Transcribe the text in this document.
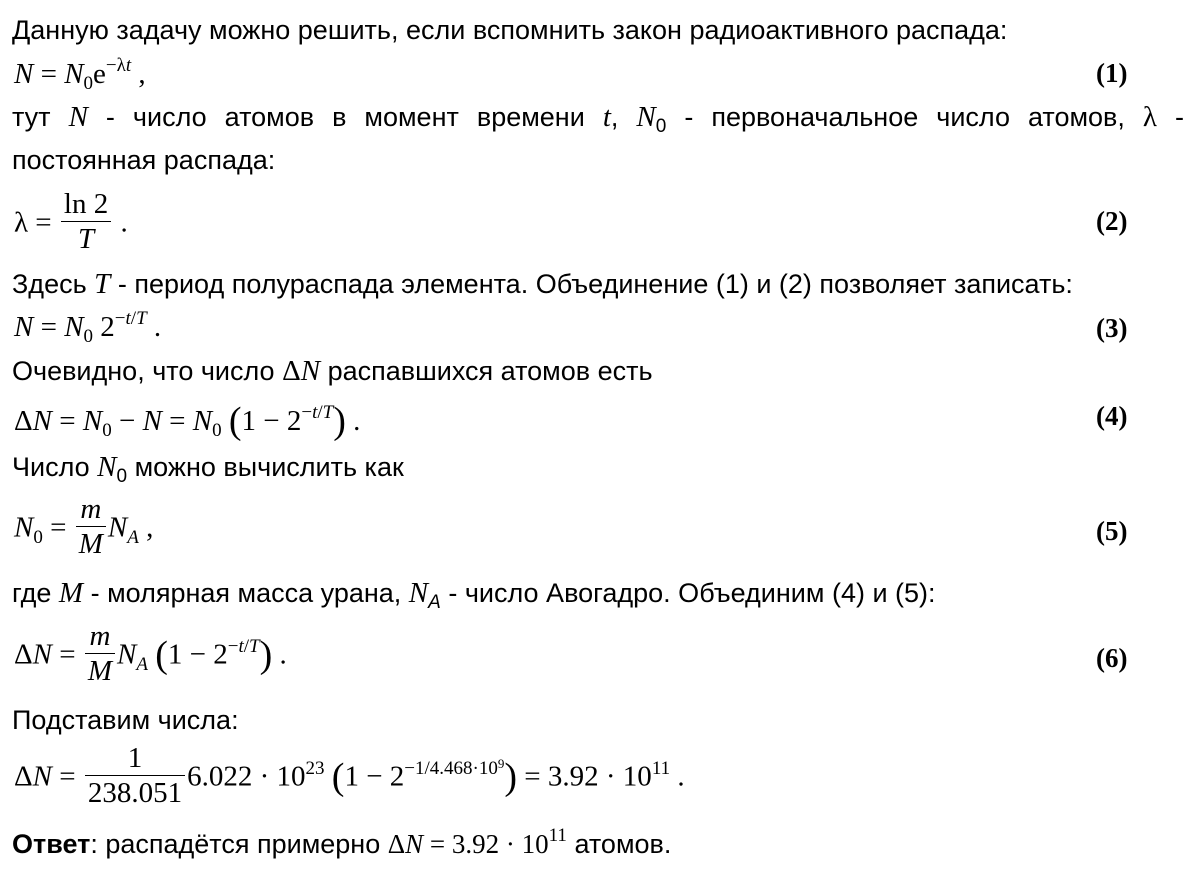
Данную задачу можно решить, если вспомнить закон радиоактивного распада:
$N = N_0e^{-\lambda t}$ ,	(1)
тут N - число атомов в момент времени t, $N_0$ - первоначальное число атомов, λ -
постоянная распада:
$\lambda = \frac{\ln 2}{T}$ .	(2)
Здесь T - период полураспада элемента. Объединение (1) и (2) позволяет записать:
$N = N_0$ $2^{-t/T}$ .	(3)
Очевидно, что число ΔN распавшихся атомов есть
$\Delta N = N_0 - N = N_0$ $(1 - 2^{-t/T})$ .	(4)
Число $N_0$ можно вычислить как
$N_0 = \frac{m}{M} N_A$ ,	(5)
где M - молярная масса урана, $N_A$ - число Авогадро. Объединим (4) и (5):
$\Delta N = \frac{m}{M} N_A$ $(1 - 2^{-t/T})$ .	(6)
Подставим числа:
$\Delta N = \frac{1}{238.051} 6.022 \cdot 10^{23}$ $(1 - 2^{-1/4.468\cdot 10^9}) = 3.92 \cdot 10^{11}$ .
Ответ: распадётся примерно $\Delta N = 3.92 \cdot 10^{11}$ атомов.
